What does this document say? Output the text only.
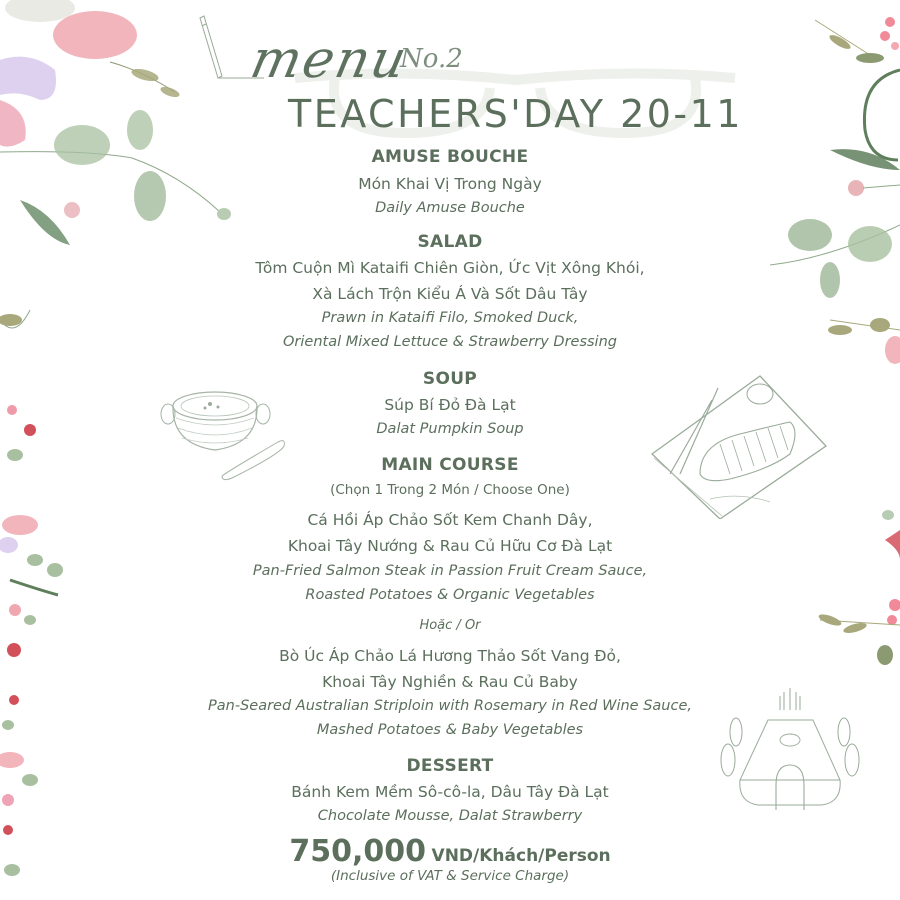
menu
No.2
TEACHERS'DAY 20-11
AMUSE BOUCHE
Món Khai Vị Trong Ngày
Daily Amuse Bouche
SALAD
Tôm Cuộn Mì Kataifi Chiên Giòn, Ức Vịt Xông Khói,
Xà Lách Trộn Kiểu Á Và Sốt Dâu Tây
Prawn in Kataifi Filo, Smoked Duck,
Oriental Mixed Lettuce & Strawberry Dressing
SOUP
Súp Bí Đỏ Đà Lạt
Dalat Pumpkin Soup
MAIN COURSE
(Chọn 1 Trong 2 Món / Choose One)
Cá Hồi Áp Chảo Sốt Kem Chanh Dây,
Khoai Tây Nướng & Rau Củ Hữu Cơ Đà Lạt
Pan-Fried Salmon Steak in Passion Fruit Cream Sauce,
Roasted Potatoes & Organic Vegetables
Hoặc / Or
Bò Úc Áp Chảo Lá Hương Thảo Sốt Vang Đỏ,
Khoai Tây Nghiền & Rau Củ Baby
Pan-Seared Australian Striploin with Rosemary in Red Wine Sauce,
Mashed Potatoes & Baby Vegetables
DESSERT
Bánh Kem Mềm Sô-cô-la, Dâu Tây Đà Lạt
Chocolate Mousse, Dalat Strawberry
750,000 VND/Khách/Person
(Inclusive of VAT & Service Charge)
